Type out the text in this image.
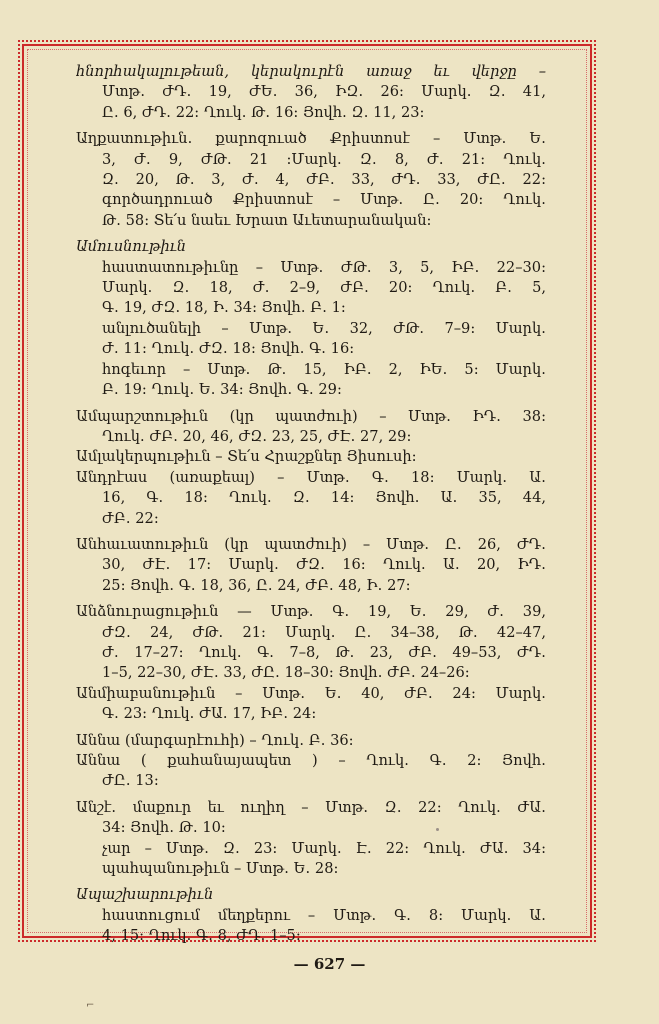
հնորհակալութեան, կերակուրէն առաջ եւ վերջը –
Մտթ․ ԺԴ․ 19, ԺԵ․ 36, ԻԶ․ 26: Մարկ․ Զ․ 41,
Ը․ 6, ԺԴ․ 22: Ղուկ․ Թ․ 16: Յովհ․ Զ․ 11, 23:
Աղքատութիւն․ քարոզուած Քրիստոսէ – Մտթ․ Ե․
3, Ժ․ 9, ԺԹ․ 21 :Մարկ․ Զ․ 8, Ժ․ 21: Ղուկ․
Զ․ 20, Թ․ 3, Ժ․ 4, ԺԲ․ 33, ԺԴ․ 33, ԺԸ․ 22:
գործադրուած Քրիստոսէ – Մտթ․ Ը․ 20: Ղուկ․
Թ․ 58: Տե՛ս նաեւ Խրատ Աւետարանական:
Ամուսնութիւն
հաստատութիւնը – Մտթ․ ԺԹ․ 3, 5, ԻԲ․ 22–30:
Մարկ․ Զ․ 18, Ժ․ 2–9, ԺԲ․ 20: Ղուկ․ Բ․ 5,
Գ․ 19, ԺԶ․ 18, Ի․ 34: Յովհ․ Բ․ 1:
անլուծանելի – Մտթ․ Ե․ 32, ԺԹ․ 7–9: Մարկ․
Ժ․ 11: Ղուկ․ ԺԶ․ 18: Յովհ․ Գ․ 16:
հոգեւոր – Մտթ․ Թ․ 15, ԻԲ․ 2, ԻԵ․ 5: Մարկ․
Բ․ 19: Ղուկ․ Ե․ 34: Յովհ․ Գ․ 29:
Ամպարշտութիւն (կր պատժուի) – Մտթ․ ԻԴ․ 38:
Ղուկ․ ԺԲ․ 20, 46, ԺԶ․ 23, 25, ԺԷ․ 27, 29:
Ամլակերպութիւն – Տե՛ս Հրաշքներ Յիսուսի:
Անդրէաս (առաքեալ) – Մտթ․ Գ․ 18: Մարկ․ Ա․
16, Գ․ 18: Ղուկ․ Զ․ 14: Յովհ․ Ա․ 35, 44,
ԺԲ․ 22:
Անհաւատութիւն (կր պատժուի) – Մտթ․ Ը․ 26, ԺԴ․
30, ԺԷ․ 17: Մարկ․ ԺԶ․ 16: Ղուկ․ Ա․ 20, ԻԴ․
25: Յովհ․ Գ․ 18, 36, Ը․ 24, ԺԲ․ 48, Ի․ 27:
Անձնուրացութիւն — Մտթ․ Գ․ 19, Ե․ 29, Ժ․ 39,
ԺԶ․ 24, ԺԹ․ 21: Մարկ․ Ը․ 34–38, Թ․ 42–47,
Ժ․ 17–27: Ղուկ․ Գ․ 7–8, Թ․ 23, ԺԲ․ 49–53, ԺԴ․
1–5, 22–30, ԺԷ․ 33, ԺԸ․ 18–30: Յովհ․ ԺԲ․ 24–26:
Անմիաբանութիւն – Մտթ․ Ե․ 40, ԺԲ․ 24: Մարկ․
Գ․ 23: Ղուկ․ ԺԱ․ 17, ԻԲ․ 24:
Աննա (մարգարէուհի) – Ղուկ․ Բ․ 36:
Աննա ( քահանայապետ ) – Ղուկ․ Գ․ 2: Յովհ․
ԺԸ․ 13:
Անշէ․ մաքուր եւ ուղիղ – Մտթ․ Զ․ 22: Ղուկ․ ԺԱ․
34: Յովհ․ Թ․ 10:
չար – Մտթ․ Զ․ 23: Մարկ․ Է․ 22: Ղուկ․ ԺԱ․ 34:
պահպանութիւն – Մտթ․ Ե․ 28:
Ապաշխարութիւն
հաստուցում մեղքերու – Մտթ․ Գ․ 8: Մարկ․ Ա․
4, 15: Ղուկ․ Գ․ 8, ԺԴ․ 1–5:
— 627 —
⌐
